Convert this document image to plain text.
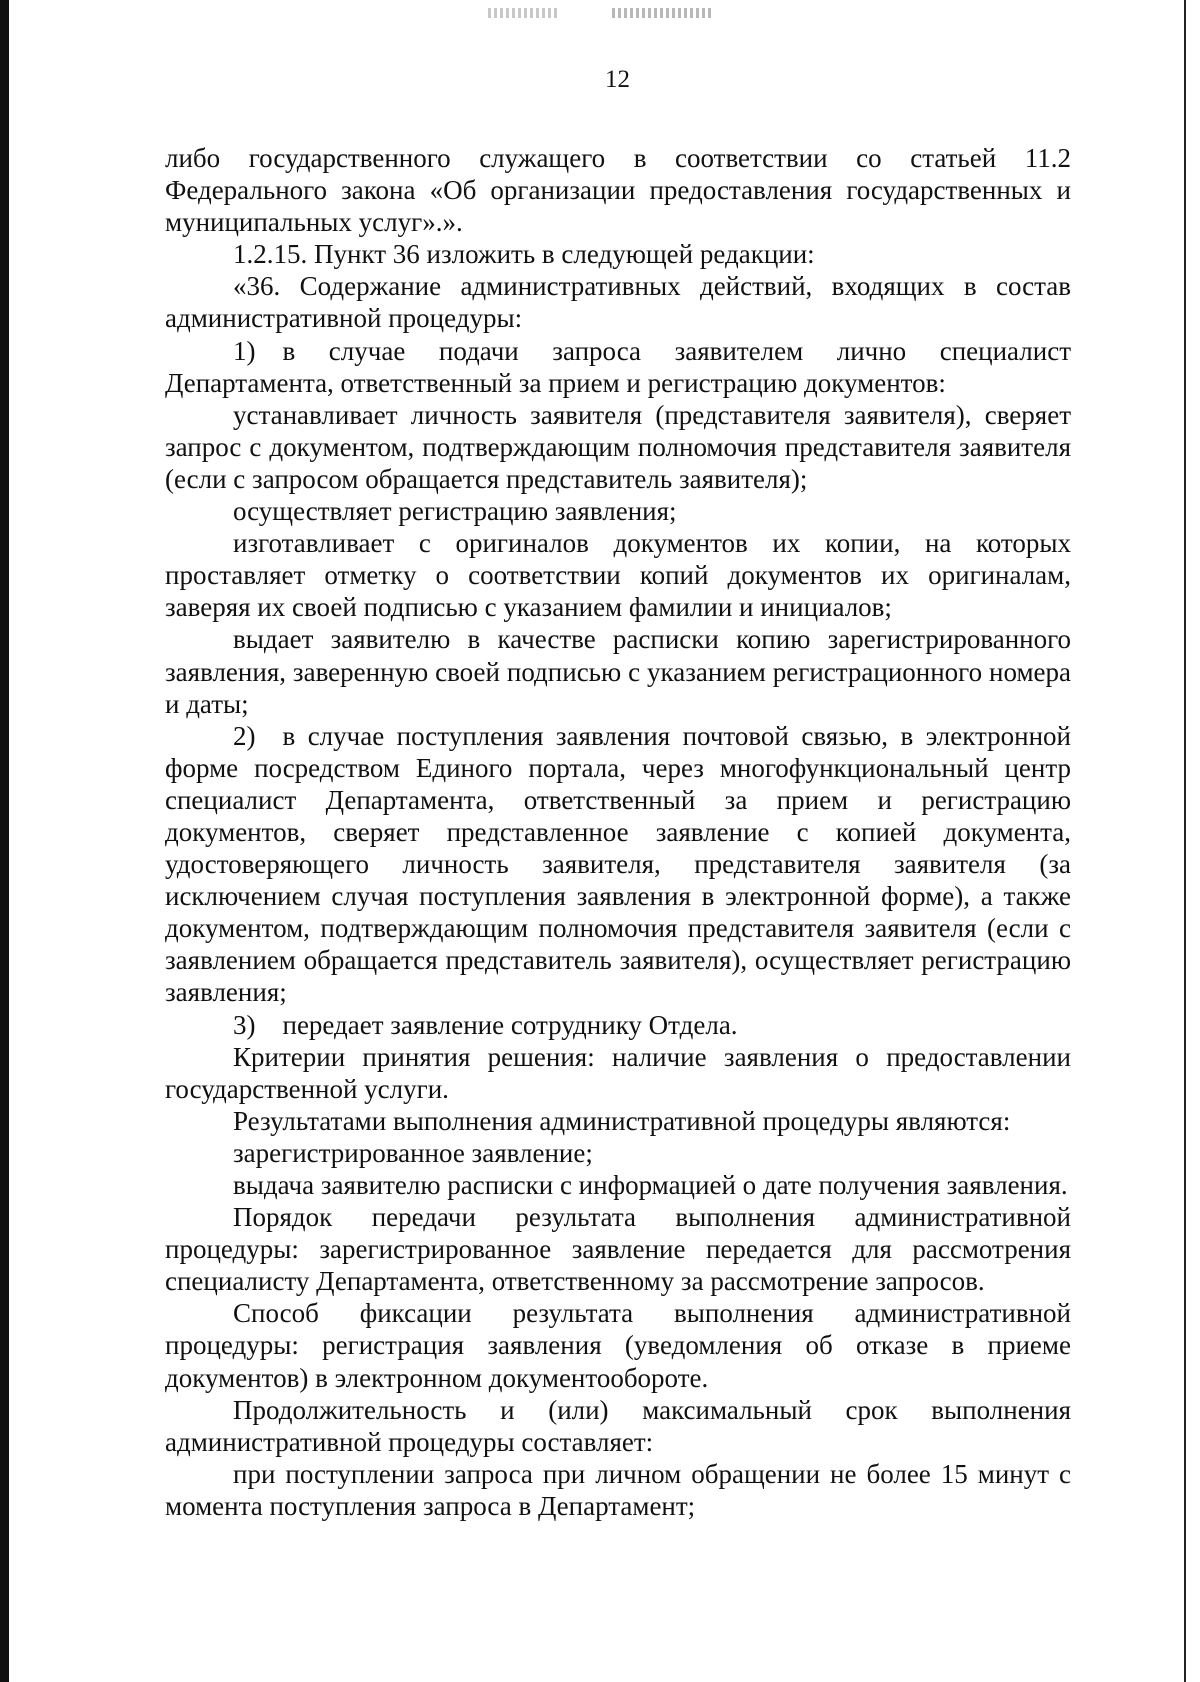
12

либо государственного служащего в соответствии со статьей 11.2 Федерального закона «Об организации предоставления государственных и муниципальных услуг».».

1.2.15. Пункт 36 изложить в следующей редакции:

«36. Содержание административных действий, входящих в состав административной процедуры:

1) в случае подачи запроса заявителем лично специалист Департамента, ответственный за прием и регистрацию документов:

устанавливает личность заявителя (представителя заявителя), сверяет запрос с документом, подтверждающим полномочия представителя заявителя (если с запросом обращается представитель заявителя);

осуществляет регистрацию заявления;

изготавливает с оригиналов документов их копии, на которых проставляет отметку о соответствии копий документов их оригиналам, заверяя их своей подписью с указанием фамилии и инициалов;

выдает заявителю в качестве расписки копию зарегистрированного заявления, заверенную своей подписью с указанием регистрационного номера и даты;

2) в случае поступления заявления почтовой связью, в электронной форме посредством Единого портала, через многофункциональный центр специалист Департамента, ответственный за прием и регистрацию документов, сверяет представленное заявление с копией документа, удостоверяющего личность заявителя, представителя заявителя (за исключением случая поступления заявления в электронной форме), а также документом, подтверждающим полномочия представителя заявителя (если с заявлением обращается представитель заявителя), осуществляет регистрацию заявления;

3) передает заявление сотруднику Отдела.

Критерии принятия решения: наличие заявления о предоставлении государственной услуги.

Результатами выполнения административной процедуры являются:

зарегистрированное заявление;

выдача заявителю расписки с информацией о дате получения заявления.

Порядок передачи результата выполнения административной процедуры: зарегистрированное заявление передается для рассмотрения специалисту Департамента, ответственному за рассмотрение запросов.

Способ фиксации результата выполнения административной процедуры: регистрация заявления (уведомления об отказе в приеме документов) в электронном документообороте.

Продолжительность и (или) максимальный срок выполнения административной процедуры составляет:

при поступлении запроса при личном обращении не более 15 минут с момента поступления запроса в Департамент;
